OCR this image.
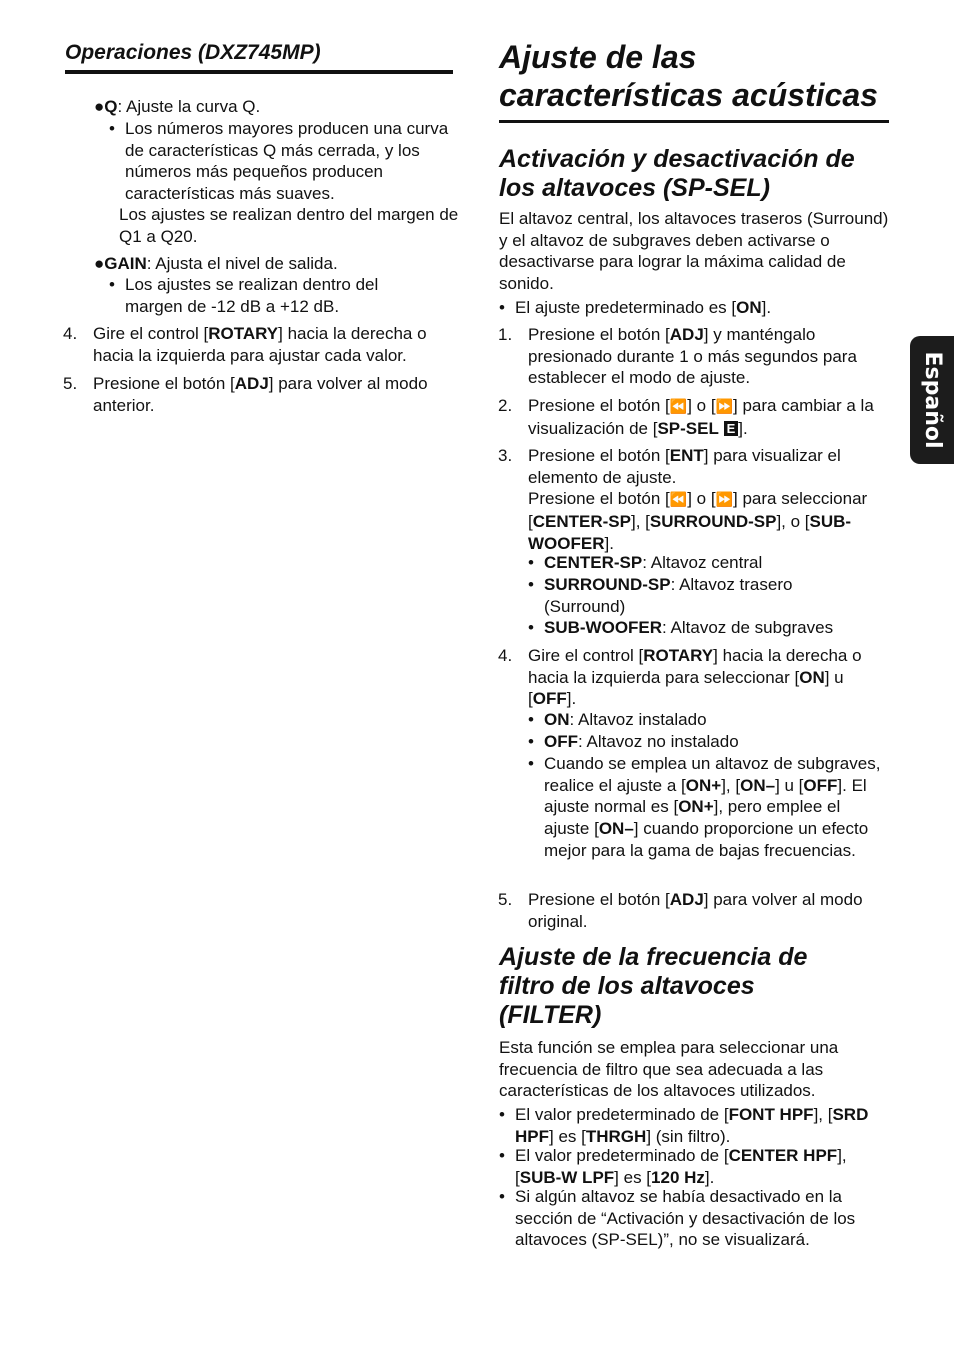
Operaciones (DXZ745MP)
●Q: Ajuste la curva Q.
• Los números mayores producen una curva de características Q más cerrada, y los números más pequeños producen características más suaves.
Los ajustes se realizan dentro del margen de Q1 a Q20.
●GAIN: Ajusta el nivel de salida.
• Los ajustes se realizan dentro del margen de -12 dB a +12 dB.
4. Gire el control [ROTARY] hacia la derecha o hacia la izquierda para ajustar cada valor.
5. Presione el botón [ADJ] para volver al modo anterior.
Ajuste de las características acústicas
Activación y desactivación de los altavoces (SP-SEL)

El altavoz central, los altavoces traseros (Surround) y el altavoz de subgraves deben activarse o desactivarse para lograr la máxima calidad de sonido.

• El ajuste predeterminado es [ON].
1. Presione el botón [ADJ] y manténgalo presionado durante 1 o más segundos para establecer el modo de ajuste.
2. Presione el botón [⏪] o [⏩] para cambiar a la visualización de [SP-SEL E ].
3. Presione el botón [ENT] para visualizar el elemento de ajuste.
Presione el botón [⏪] o [⏩] para seleccionar [CENTER-SP], [SURROUND-SP], o [SUB-WOOFER].
• CENTER-SP: Altavoz central
• SURROUND-SP: Altavoz trasero (Surround)
• SUB-WOOFER: Altavoz de subgraves
4. Gire el control [ROTARY] hacia la derecha o hacia la izquierda para seleccionar [ON] u [OFF].
• ON: Altavoz instalado
• OFF: Altavoz no instalado
• Cuando se emplea un altavoz de subgraves, realice el ajuste a [ON+], [ON–] u [OFF]. El ajuste normal es [ON+], pero emplee el ajuste [ON–] cuando proporcione un efecto mejor para la gama de bajas frecuencias.
5. Presione el botón [ADJ] para volver al modo original.
Ajuste de la frecuencia de filtro de los altavoces (FILTER)

Esta función se emplea para seleccionar una frecuencia de filtro que sea adecuada a las características de los altavoces utilizados.

• El valor predeterminado de [FONT HPF], [SRD HPF] es [THRGH] (sin filtro).
• El valor predeterminado de [CENTER HPF], [SUB-W LPF] es [120 Hz].
• Si algún altavoz se había desactivado en la sección de “Activación y desactivación de los altavoces (SP-SEL)”, no se visualizará.
Español
